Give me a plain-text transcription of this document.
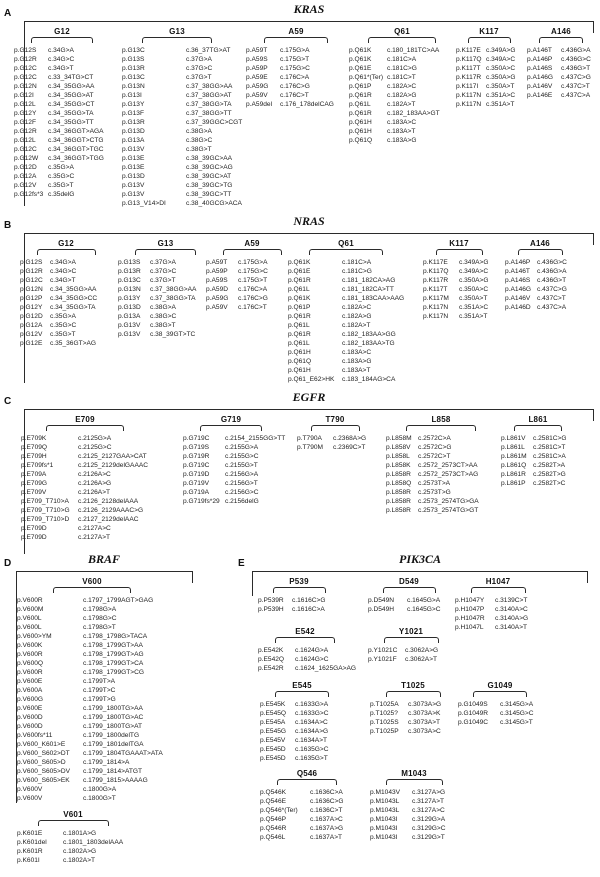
A	KRAS
G12
p.G12S	c.34G>A
p.G12R	c.34G>C
p.G12C	c.34G>T
p.G12C	c.33_34TG>CT
p.G12N	c.34_35GG>AA
p.G12I	c.34_35GG>AT
p.G12L	c.34_35GG>CT
p.G12Y	c.34_35GG>TA
p.G12F	c.34_35GG>TT
p.G12R	c.34_36GGT>AGA
p.G12L	c.34_36GGT>CTG
p.G12C	c.34_36GGT>TGC
p.G12W	c.34_36GGT>TGG
p.G12D	c.35G>A
p.G12A	c.35G>C
p.G12V	c.35G>T
p.G12fs*3 c.35delG
G13
p.G13C	c.36_37TG>AT
p.G13S	c.37G>A
p.G13R	c.37G>C
p.G13C	c.37G>T
p.G13N	c.37_38GG>AA
p.G13I	c.37_38GG>AT
p.G13Y	c.37_38GG>TA
p.G13F	c.37_38GG>TT
p.G13R	c.37_39GGC>CGT
p.G13D	c.38G>A
p.G13A	c.38G>C
p.G13V	c.38G>T
p.G13E	c.38_39GC>AA
p.G13E	c.38_39GC>AG
p.G13D	c.38_39GC>AT
p.G13V	c.38_39GC>TG
p.G13V	c.38_39GC>TT
p.G13_V14>DI	c.38_40GCG>ACA
A59
p.A59T	c.175G>A
p.A59S	c.175G>T
p.A59P	c.175G>C
p.A59E	c.176C>A
p.A59G	c.176C>G
p.A59V	c.176C>T
p.A59del	c.176_178delCAG
Q61
p.Q61K	c.180_181TC>AA
p.Q61K	c.181C>A
p.Q61E	c.181C>G
p.Q61*(Ter) c.181C>T
p.Q61P	c.182A>C
p.Q61R	c.182A>G
p.Q61L	c.182A>T
p.Q61R	c.182_183AA>GT
p.Q61H	c.183A>C
p.Q61H	c.183A>T
p.Q61Q	c.183A>G
K117
p.K117E c.349A>G
p.K117Q c.349A>C
p.K117T c.350A>C
p.K117R c.350A>G
p.K117I	c.350A>T
p.K117N c.351A>C
p.K117N c.351A>T
A146
p.A146T	c.436G>A
p.A146P	c.436G>C
p.A146S	c.436G>T
p.A146G	c.437C>G
p.A146V	c.437C>T
p.A146E	c.437C>A
B	NRAS
G12
p.G12S	c.34G>A
p.G12R	c.34G>C
p.G12C	c.34G>T
p.G12N	c.34_35GG>AA
p.G12P	c.34_35GG>CC
p.G12Y	c.34_35GG>TA
p.G12D	c.35G>A
p.G12A	c.35G>C
p.G12V	c.35G>T
p.G12E	c.35_36GT>AG
G13
p.G13S	c.37G>A
p.G13R	c.37G>C
p.G13C	c.37G>T
p.G13N	c.37_38GG>AA
p.G13Y	c.37_38GG>TA
p.G13D	c.38G>A
p.G13A	c.38G>C
p.G13V	c.38G>T
p.G13V	c.38_39GT>TC
A59
p.A59T	c.175G>A
p.A59P	c.175G>C
p.A59S	c.175G>T
p.A59D	c.176C>A
p.A59G	c.176C>G
p.A59V	c.176C>T
Q61
p.Q61K	c.181C>A
p.Q61E	c.181C>G
p.Q61R	c.181_182CA>AG
p.Q61L	c.181_182CA>TT
p.Q61K	c.181_183CAA>AAG
p.Q61P	c.182A>C
p.Q61R	c.182A>G
p.Q61L	c.182A>T
p.Q61R	c.182_183AA>GG
p.Q61L	c.182_183AA>TG
p.Q61H	c.183A>C
p.Q61Q	c.183A>G
p.Q61H	c.183A>T
p.Q61_E62>HK	c.183_184AG>CA
K117
p.K117E	c.349A>G
p.K117Q	c.349A>C
p.K117R	c.350A>G
p.K117T	c.350A>C
p.K117M	c.350A>T
p.K117N	c.351A>C
p.K117N	c.351A>T
A146
p.A146P	c.436G>C
p.A146T	c.436G>A
p.A146S	c.436G>T
p.A146G c.437C>G
p.A146V	c.437C>T
p.A146D c.437C>A
C	EGFR
E709
p.E709K	c.2125G>A
p.E709Q	c.2125G>C
p.E709H	c.2125_2127GAA>CAT
p.E709fs*1	c.2125_2129delGAAAC
p.E709A	c.2126A>C
p.E709G	c.2126A>G
p.E709V	c.2126A>T
p.E709_T710>A	c.2126_2128delAAA
p.E709_T710>G	c.2126_2129AAAC>G
p.E709_T710>D	c.2127_2129delAAC
p.E709D	c.2127A>C
p.E709D	c.2127A>T
G719
p.G719C	c.2154_2155GG>TT
p.G719S	c.2155G>A
p.G719R	c.2155G>C
p.G719C	c.2155G>T
p.G719D	c.2156G>A
p.G719V	c.2156G>T
p.G719A	c.2156G>C
p.G719fs*29 c.2156delG
T790
p.T790A	c.2368A>G
p.T790M	c.2369C>T
L858
p.L858M c.2572C>A
p.L858V	c.2572C>G
p.L858L	c.2572C>T
p.L858K	c.2572_2573CT>AA
p.L858R	c.2572_2573CT>AG
p.L858Q	c.2573T>A
p.L858R	c.2573T>G
p.L858R	c.2573_2574TG>GA
p.L858R	c.2573_2574TG>GT
L861
p.L861V	c.2581C>G
p.L861L	c.2581C>T
p.L861M c.2581C>A
p.L861Q	c.2582T>A
p.L861R	c.2582T>G
p.L861P	c.2582T>C
D	BRAF
V600
p.V600R	c.1797_1799AGT>GAG
p.V600M	c.1798G>A
p.V600L	c.1798G>C
p.V600L	c.1798G>T
p.V600>YM	c.1798_1798G>TACA
p.V600K	c.1798_1799GT>AA
p.V600R	c.1798_1799GT>AG
p.V600Q	c.1798_1799GT>CA
p.V600R	c.1798_1799GT>CG
p.V600E	c.1799T>A
p.V600A	c.1799T>C
p.V600G	c.1799T>G
p.V600E	c.1799_1800TG>AA
p.V600D	c.1799_1800TG>AC
p.V600D	c.1799_1800TG>AT
p.V600fs*11	c.1799_1800delTG
p.V600_K601>E	c.1799_1801delTGA
p.V600_S602>DT	c.1799_1804TGAAAT>ATA
p.V600_S605>D	c.1799_1814>A
p.V600_S605>DV	c.1799_1814>ATGT
p.V600_S605>EK	c.1799_1815>AAAAG
p.V600V	c.1800G>A
p.V600V	c.1800G>T
V601
p.K601E	c.1801A>G
p.K601del	c.1801_1803delAAA
p.K601R	c.1802A>G
p.K601I	c.1802A>T
E	PIK3CA
P539
p.P539R	c.1616C>G
p.P539H	c.1616C>A
D549
p.D549N	c.1645G>A
p.D549H	c.1645G>C
H1047
p.H1047Y	c.3139C>T
p.H1047P	c.3140A>C
p.H1047R	c.3140A>G
p.H1047L	c.3140A>T
E542
p.E542K	c.1624G>A
p.E542Q	c.1624G>C
p.E542R	c.1624_1625GA>AG
Y1021
p.Y1021C	c.3062A>G
p.Y1021F	c.3062A>T
E545
p.E545K	c.1633G>A
p.E545Q	c.1633G>C
p.E545A	c.1634A>C
p.E545G	c.1634A>G
p.E545V	c.1634A>T
p.E545D	c.1635G>C
p.E545D	c.1635G>T
T1025
p.T1025A	c.3073A>G
p.T1025?	c.3073A>K
p.T1025S	c.3073A>T
p.T1025P	c.3073A>C
G1049
p.G1049S	c.3145G>A
p.G1049R	c.3145G>C
p.G1049C	c.3145G>T
Q546
p.Q546K	c.1636C>A
p.Q546E	c.1636C>G
p.Q546*(Ter)	c.1636C>T
p.Q546P	c.1637A>C
p.Q546R	c.1637A>G
p.Q546L	c.1637A>T
M1043
p.M1043V	c.3127A>G
p.M1043L	c.3127A>T
p.M1043L	c.3127A>C
p.M1043I	c.3129G>A
p.M1043I	c.3129G>C
p.M1043I	c.3129G>T
